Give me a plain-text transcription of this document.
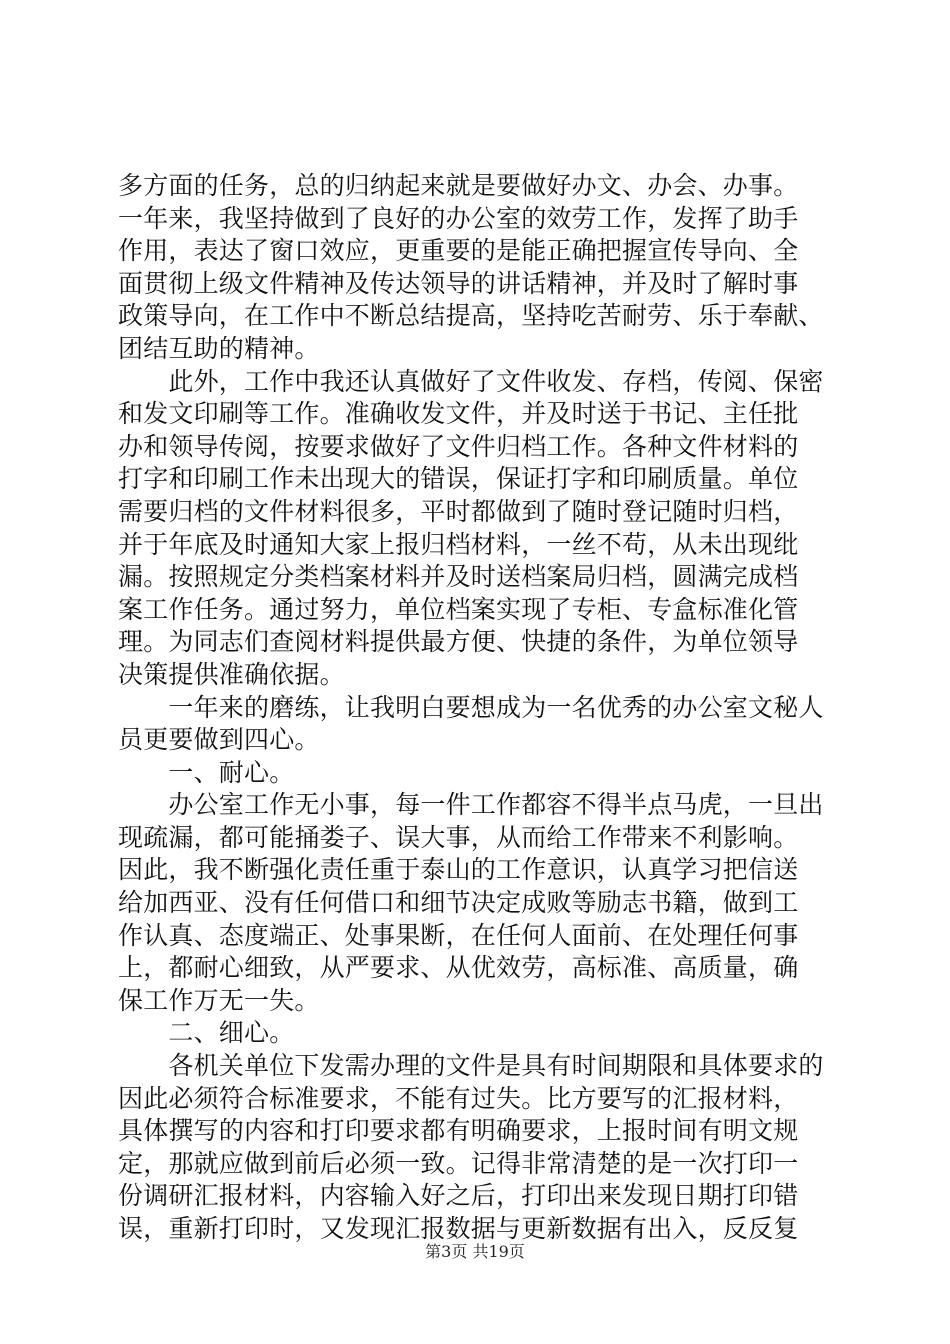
多方面的任务，总的归纳起来就是要做好办文、办会、办事。
一年来，我坚持做到了良好的办公室的效劳工作，发挥了助手
作用，表达了窗口效应，更重要的是能正确把握宣传导向、全
面贯彻上级文件精神及传达领导的讲话精神，并及时了解时事
政策导向，在工作中不断总结提高，坚持吃苦耐劳、乐于奉献、
团结互助的精神。
　　此外，工作中我还认真做好了文件收发、存档，传阅、保密
和发文印刷等工作。准确收发文件，并及时送于书记、主任批
办和领导传阅，按要求做好了文件归档工作。各种文件材料的
打字和印刷工作未出现大的错误，保证打字和印刷质量。单位
需要归档的文件材料很多，平时都做到了随时登记随时归档，
并于年底及时通知大家上报归档材料，一丝不苟，从未出现纰
漏。按照规定分类档案材料并及时送档案局归档，圆满完成档
案工作任务。通过努力，单位档案实现了专柜、专盒标准化管
理。为同志们查阅材料提供最方便、快捷的条件，为单位领导
决策提供准确依据。
　　一年来的磨练，让我明白要想成为一名优秀的办公室文秘人
员更要做到四心。
　　一、耐心。
　　办公室工作无小事，每一件工作都容不得半点马虎，一旦出
现疏漏，都可能捅娄子、误大事，从而给工作带来不利影响。
因此，我不断强化责任重于泰山的工作意识，认真学习把信送
给加西亚、没有任何借口和细节决定成败等励志书籍，做到工
作认真、态度端正、处事果断，在任何人面前、在处理任何事
上，都耐心细致，从严要求、从优效劳，高标准、高质量，确
保工作万无一失。
　　二、细心。
　　各机关单位下发需办理的文件是具有时间期限和具体要求的
因此必须符合标准要求，不能有过失。比方要写的汇报材料，
具体撰写的内容和打印要求都有明确要求，上报时间有明文规
定，那就应做到前后必须一致。记得非常清楚的是一次打印一
份调研汇报材料，内容输入好之后，打印出来发现日期打印错
误，重新打印时，又发现汇报数据与更新数据有出入，反反复
第3页 共19页
